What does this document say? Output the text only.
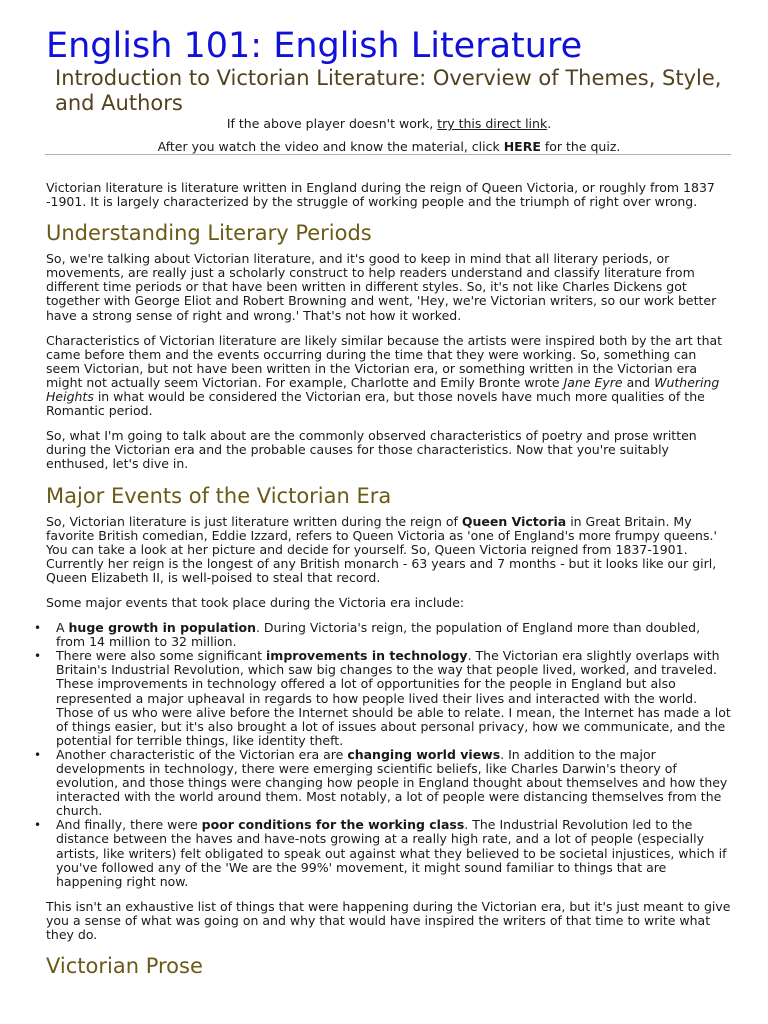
English 101: English Literature
Introduction to Victorian Literature: Overview of Themes, Style, and Authors

If the above player doesn't work, try this direct link.

After you watch the video and know the material, click HERE for the quiz.

Victorian literature is literature written in England during the reign of Queen Victoria, or roughly from 1837 -1901. It is largely characterized by the struggle of working people and the triumph of right over wrong.

Understanding Literary Periods

So, we're talking about Victorian literature, and it's good to keep in mind that all literary periods, or movements, are really just a scholarly construct to help readers understand and classify literature from different time periods or that have been written in different styles. So, it's not like Charles Dickens got together with George Eliot and Robert Browning and went, 'Hey, we're Victorian writers, so our work better have a strong sense of right and wrong.' That's not how it worked.

Characteristics of Victorian literature are likely similar because the artists were inspired both by the art that came before them and the events occurring during the time that they were working. So, something can seem Victorian, but not have been written in the Victorian era, or something written in the Victorian era might not actually seem Victorian. For example, Charlotte and Emily Bronte wrote Jane Eyre and Wuthering Heights in what would be considered the Victorian era, but those novels have much more qualities of the Romantic period.

So, what I'm going to talk about are the commonly observed characteristics of poetry and prose written during the Victorian era and the probable causes for those characteristics. Now that you're suitably enthused, let's dive in.

Major Events of the Victorian Era

So, Victorian literature is just literature written during the reign of Queen Victoria in Great Britain. My favorite British comedian, Eddie Izzard, refers to Queen Victoria as 'one of England's more frumpy queens.' You can take a look at her picture and decide for yourself. So, Queen Victoria reigned from 1837-1901. Currently her reign is the longest of any British monarch - 63 years and 7 months - but it looks like our girl, Queen Elizabeth II, is well-poised to steal that record.

Some major events that took place during the Victoria era include:

• A huge growth in population. During Victoria's reign, the population of England more than doubled, from 14 million to 32 million.
• There were also some significant improvements in technology. The Victorian era slightly overlaps with Britain's Industrial Revolution, which saw big changes to the way that people lived, worked, and traveled. These improvements in technology offered a lot of opportunities for the people in England but also represented a major upheaval in regards to how people lived their lives and interacted with the world. Those of us who were alive before the Internet should be able to relate. I mean, the Internet has made a lot of things easier, but it's also brought a lot of issues about personal privacy, how we communicate, and the potential for terrible things, like identity theft.
• Another characteristic of the Victorian era are changing world views. In addition to the major developments in technology, there were emerging scientific beliefs, like Charles Darwin's theory of evolution, and those things were changing how people in England thought about themselves and how they interacted with the world around them. Most notably, a lot of people were distancing themselves from the church.
• And finally, there were poor conditions for the working class. The Industrial Revolution led to the distance between the haves and have-nots growing at a really high rate, and a lot of people (especially artists, like writers) felt obligated to speak out against what they believed to be societal injustices, which if you've followed any of the 'We are the 99%' movement, it might sound familiar to things that are happening right now.

This isn't an exhaustive list of things that were happening during the Victorian era, but it's just meant to give you a sense of what was going on and why that would have inspired the writers of that time to write what they do.

Victorian Prose
